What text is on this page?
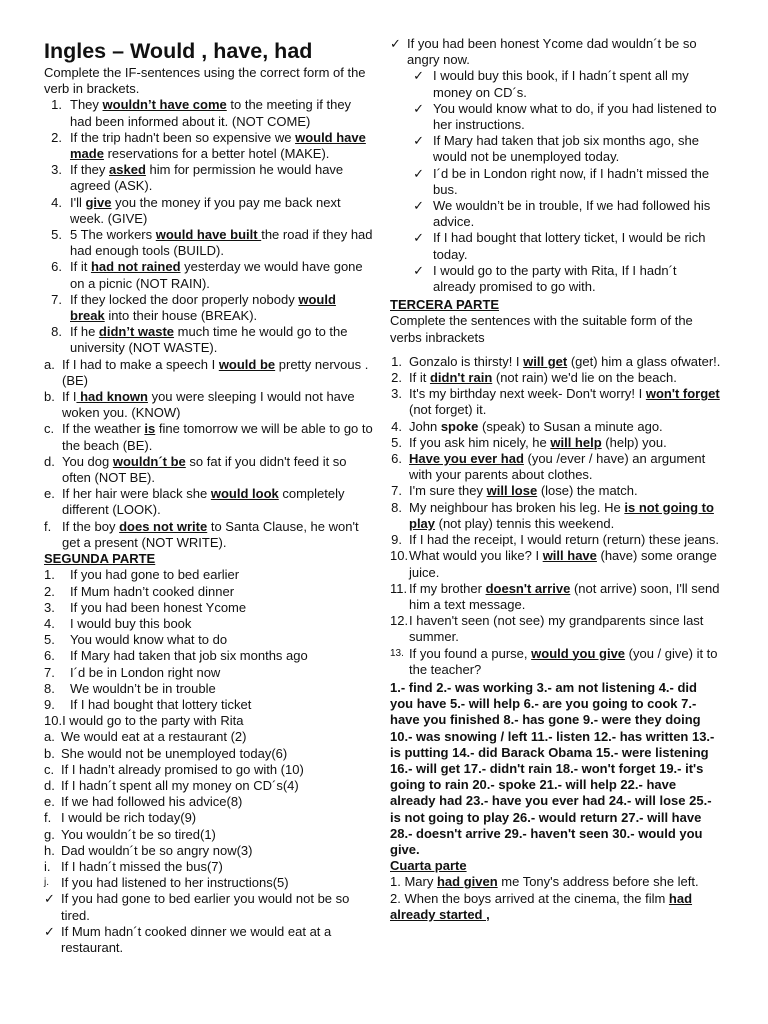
Ingles – Would , have, had

Complete the IF-sentences using the correct form of the verb in brackets.

1. They wouldn’t have come to the meeting if they had been informed about it. (NOT COME)
2. If the trip hadn't been so expensive we would have made reservations for a better hotel (MAKE).
3. If they asked him for permission he would have agreed (ASK).
4. I'll give you the money if you pay me back next week. (GIVE)
5. 5 The workers would have built the road if they had had enough tools (BUILD).
6. If it had not rained yesterday we would have gone on a picnic (NOT RAIN).
7. If they locked the door properly nobody would break into their house (BREAK).
8. If he didn’t waste much time he would go to the university (NOT WASTE).
a. If I had to make a speech I would be pretty nervous . (BE)
b. If I had known you were sleeping I would not have woken you. (KNOW)
c. If the weather is fine tomorrow we will be able to go to the beach (BE).
d. You dog wouldn´t be so fat if you didn't feed it so often (NOT BE).
e. If her hair were black she would look completely different (LOOK).
f. If the boy does not write to Santa Clause, he won't get a present (NOT WRITE).

SEGUNDA PARTE

1.	If you had gone to bed earlier
2.	If Mum hadn’t cooked dinner
3.	If you had been honest Ycome
4.	I would buy this book
5.	You would know what to do
6.	If Mary had taken that job six months ago
7.	I´d be in London right now
8.	We wouldn’t be in trouble
9.	If I had bought that lottery ticket
10. I would go to the party with Rita
a. We would eat at a restaurant (2)
b. She would not be unemployed today(6)
c. If I hadn’t already promised to go with (10)
d. If I hadn´t spent all my money on CD´s(4)
e. If we had followed his advice(8)
f. I would be rich today(9)
g. You wouldn´t be so tired(1)
h. Dad wouldn´t be so angry now(3)
i. If I hadn´t missed the bus(7)
j. If you had listened to her instructions(5)
✓ If you had gone to bed earlier you would not be so tired.
✓ If Mum hadn´t cooked dinner we would eat at a restaurant.
✓ If you had been honest Ycome dad wouldn´t be so angry now.
✓ I would buy this book, if I hadn´t spent all my money on CD´s.
✓ You would know what to do, if you had listened to her instructions.
✓ If Mary had taken that job six months ago, she would not be unemployed today.
✓ I´d be in London right now, if I hadn’t missed the bus.
✓ We wouldn’t be in trouble, If we had followed his advice.
✓ If I had bought that lottery ticket, I would be rich today.
✓ I would go to the party with Rita, If I hadn´t already promised to go with.

TERCERA PARTE

Complete the sentences with the suitable form of the verbs inbrackets

1. Gonzalo is thirsty! I will get (get) him a glass ofwater!.
2. If it didn't rain (not rain) we'd lie on the beach.
3. It's my birthday next week- Don't worry! I won't forget (not forget) it.
4. John spoke (speak) to Susan a minute ago.
5. If you ask him nicely, he will help (help) you.
6. Have you ever had (you /ever / have) an argument with your parents about clothes.
7. I'm sure they will lose (lose) the match.
8. My neighbour has broken his leg. He is not going to play (not play) tennis this weekend.
9. If I had the receipt, I would return (return) these jeans.
10. What would you like? I will have (have) some orange juice.
11. If my brother doesn't arrive (not arrive) soon, I'll send him a text message.
12. I haven't seen (not see) my grandparents since last summer.
13. If you found a purse, would you give (you / give) it to the teacher?

1.- find 2.- was working 3.- am not listening 4.- did you have 5.- will help 6.- are you going to cook 7.- have you finished 8.- has gone 9.- were they doing 10.- was snowing / left 11.- listen 12.- has written 13.- is putting 14.- did Barack Obama 15.- were listening 16.- will get 17.- didn't rain 18.- won't forget 19.- it's going to rain 20.- spoke 21.- will help 22.- have already had 23.- have you ever had 24.- will lose 25.- is not going to play 26.- would return 27.- will have 28.- doesn't arrive 29.- haven't seen 30.- would you give.

Cuarta parte

1. Mary had given me Tony's address before she left.

2. When the boys arrived at the cinema, the film had already started ,
